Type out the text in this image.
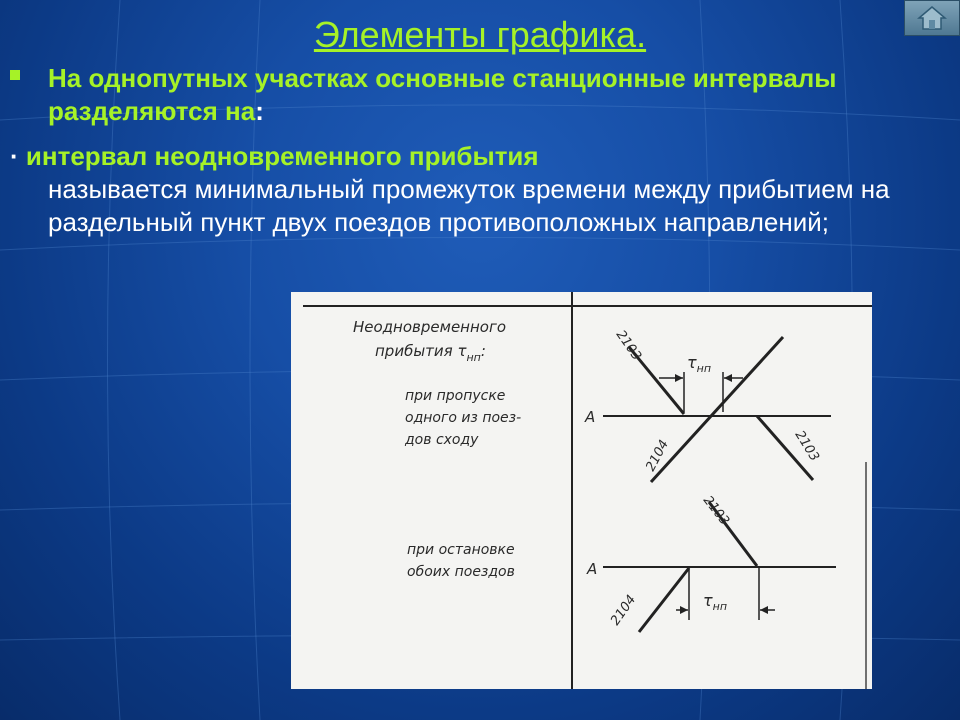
Элементы графика.
На однопутных участках основные станционные интервалы разделяются на:
· интервал неодновременного прибытия
называется минимальный промежуток времени между прибытием на раздельный пункт двух поездов противоположных направлений;
Неодновременного
прибытия $\tau_{нп}$:
при пропуске
одного из поез-
дов сходу
при остановке
обоих поездов
А
$\tau_{нп}$
2103
2104	2103
А
$\tau_{нп}$
2103
2104
